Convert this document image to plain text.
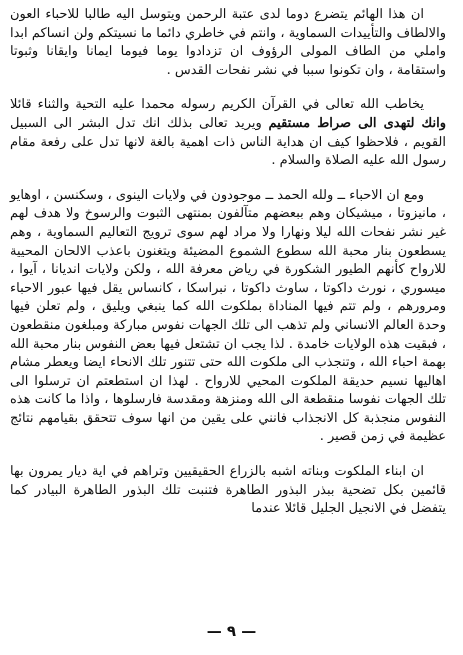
ان هذا الهائم يتضرع دوما لدى عتبة الرحمن ويتوسل اليه طالبا للاحباء العون والالطاف والتأييدات السماوية ، وانتم في خاطري دائما ما نسيتكم ولن انساكم ابدا واملي من الطاف المولى الرؤوف ان تزدادوا يوما فيوما ايمانا وايقانا وثبوتا واستقامة ، وان تكونوا سببا في نشر نفحات القدس .

يخاطب الله تعالى في القرآن الكريم رسوله محمدا عليه التحية والثناء قائلا وانك لتهدى الى صراط مستقيم ويريد تعالى بذلك انك تدل البشر الى السبيل القويم ، فلاحظوا كيف ان هداية الناس ذات اهمية بالغة لانها تدل على رفعة مقام رسول الله عليه الصلاة والسلام .

ومع ان الاحباء ــ ولله الحمد ــ موجودون في ولايات الينوى ، وسكنسن ، اوهايو ، مانيزوتا ، ميشيكان وهم ببعضهم متآلفون بمنتهى الثبوت والرسوخ ولا هدف لهم غير نشر نفحات الله ليلا ونهارا ولا مراد لهم سوى ترويج التعاليم السماوية ، وهم يسطعون بنار محبة الله سطوع الشموع المضيئة ويتغنون باعذب الالحان المحيية للارواح كأنهم الطيور الشكورة في رياض معرفة الله ، ولكن ولايات انديانا ، آيوا ، ميسوري ، نورث داكوتا ، ساوث داكوتا ، نبراسكا ، كانساس يقل فيها عبور الاحباء ومرورهم ، ولم تتم فيها المناداة بملكوت الله كما ينبغي ويليق ، ولم تعلن فيها وحدة العالم الانساني ولم تذهب الى تلك الجهات نفوس مباركة ومبلغون منقطعون ، فبقيت هذه الولايات خامدة . لذا يجب ان تشتعل فيها بعض النفوس بنار محبة الله بهمة احباء الله ، وتنجذب الى ملكوت الله حتى تتنور تلك الانحاء ايضا ويعطر مشام اهاليها نسيم حديقة الملكوت المحيي للارواح . لهذا ان استطعتم ان ترسلوا الى تلك الجهات نفوسا منقطعة الى الله ومنزهة ومقدسة فارسلوها ، واذا ما كانت هذه النفوس منجذبة كل الانجذاب فانني على يقين من انها سوف تتحقق بقيامهم نتائج عظيمة في زمن قصير .

ان ابناء الملكوت وبناته اشبه بالزراع الحقيقيين وتراهم في اية ديار يمرون بها قائمين بكل تضحية ببذر البذور الطاهرة فتنبت تلك البذور الطاهرة البيادر كما يتفضل في الانجيل الجليل قائلا عندما

— ٩ —
